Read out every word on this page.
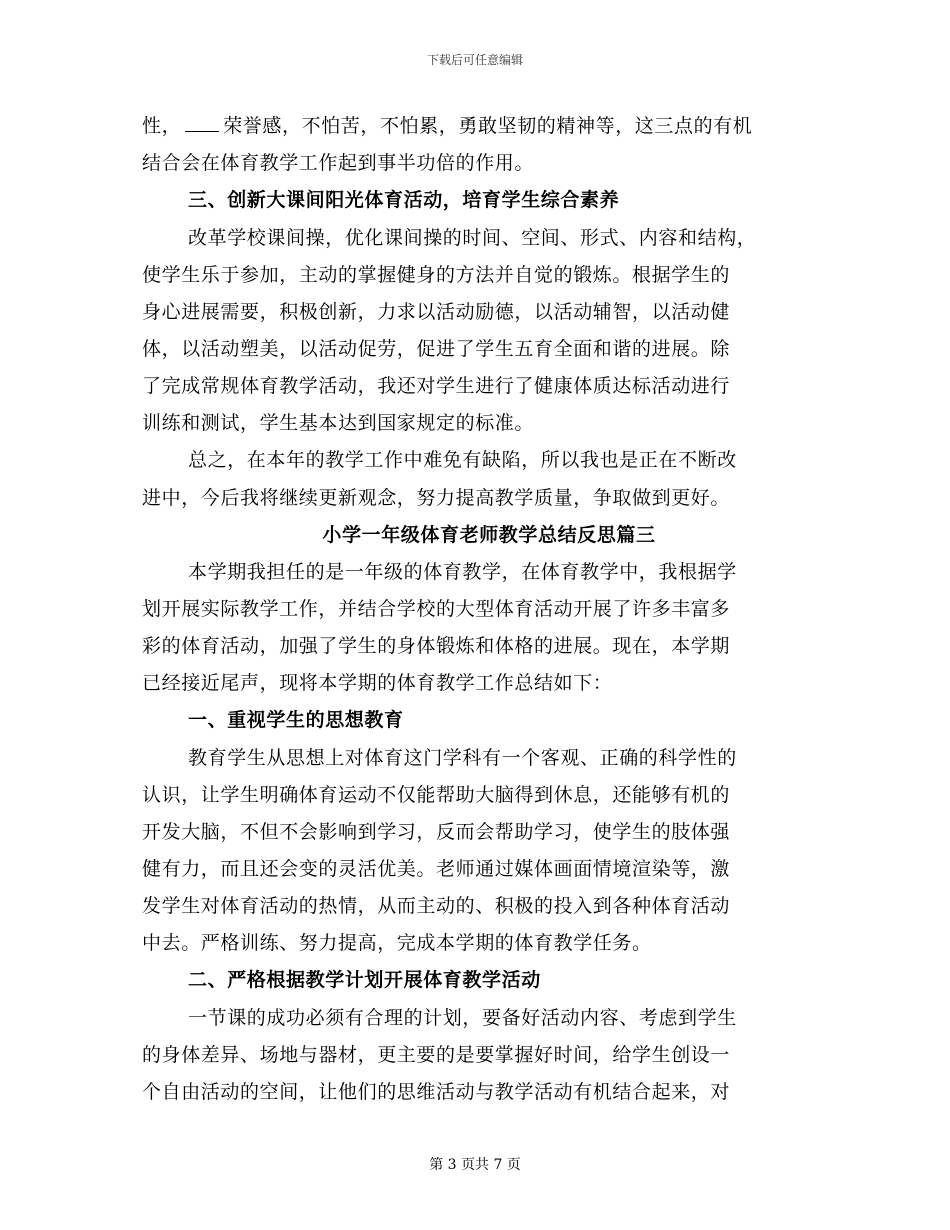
下载后可任意编辑
性， 荣誉感，不怕苦，不怕累，勇敢坚韧的精神等，这三点的有机
结合会在体育教学工作起到事半功倍的作用。
三、创新大课间阳光体育活动，培育学生综合素养
改革学校课间操，优化课间操的时间、空间、形式、内容和结构，
使学生乐于参加，主动的掌握健身的方法并自觉的锻炼。根据学生的
身心进展需要，积极创新，力求以活动励德，以活动辅智，以活动健
体，以活动塑美，以活动促劳，促进了学生五育全面和谐的进展。除
了完成常规体育教学活动，我还对学生进行了健康体质达标活动进行
训练和测试，学生基本达到国家规定的标准。
总之，在本年的教学工作中难免有缺陷，所以我也是正在不断改
进中，今后我将继续更新观念，努力提高教学质量，争取做到更好。
小学一年级体育老师教学总结反思篇三
本学期我担任的是一年级的体育教学，在体育教学中，我根据学
划开展实际教学工作，并结合学校的大型体育活动开展了许多丰富多
彩的体育活动，加强了学生的身体锻炼和体格的进展。现在，本学期
已经接近尾声，现将本学期的体育教学工作总结如下：
一、重视学生的思想教育
教育学生从思想上对体育这门学科有一个客观、正确的科学性的
认识，让学生明确体育运动不仅能帮助大脑得到休息，还能够有机的
开发大脑，不但不会影响到学习，反而会帮助学习，使学生的肢体强
健有力，而且还会变的灵活优美。老师通过媒体画面情境渲染等，激
发学生对体育活动的热情，从而主动的、积极的投入到各种体育活动
中去。严格训练、努力提高，完成本学期的体育教学任务。
二、严格根据教学计划开展体育教学活动
一节课的成功必须有合理的计划，要备好活动内容、考虑到学生
的身体差异、场地与器材，更主要的是要掌握好时间，给学生创设一
个自由活动的空间，让他们的思维活动与教学活动有机结合起来，对
第 3 页共 7 页
